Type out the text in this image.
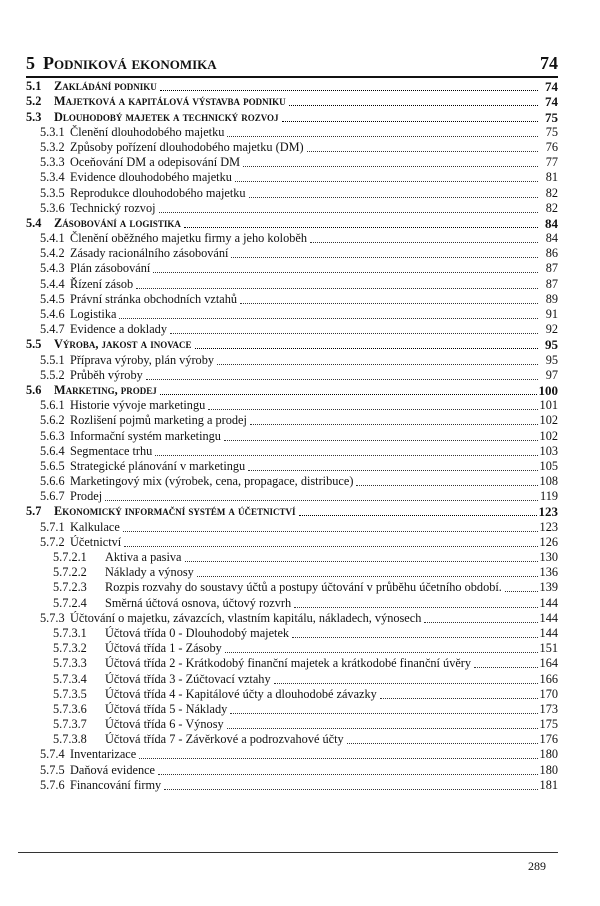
5 Podniková ekonomika	74
5.1	Zakládání podniku	74
5.2	Majetková a kapitálová výstavba podniku	74
5.3	Dlouhodobý majetek a technický rozvoj	75
5.3.1 Členění dlouhodobého majetku	75
5.3.2 Způsoby pořízení dlouhodobého majetku (DM)	76
5.3.3 Oceňování DM a odepisování DM	77
5.3.4 Evidence dlouhodobého majetku	81
5.3.5 Reprodukce dlouhodobého majetku	82
5.3.6 Technický rozvoj	82
5.4	Zásobování a logistika	84
5.4.1 Členění oběžného majetku firmy a jeho koloběh	84
5.4.2 Zásady racionálního zásobování	86
5.4.3 Plán zásobování	87
5.4.4 Řízení zásob	87
5.4.5 Právní stránka obchodních vztahů	89
5.4.6 Logistika	91
5.4.7 Evidence a doklady	92
5.5	Výroba, jakost a inovace	95
5.5.1 Příprava výroby, plán výroby	95
5.5.2 Průběh výroby	97
5.6	Marketing, prodej	100
5.6.1 Historie vývoje marketingu	101
5.6.2 Rozlišení pojmů marketing a prodej	102
5.6.3 Informační systém marketingu	102
5.6.4 Segmentace trhu	103
5.6.5 Strategické plánování v marketingu	105
5.6.6 Marketingový mix (výrobek, cena, propagace, distribuce)	108
5.6.7 Prodej	119
5.7	Ekonomický informační systém a účetnictví	123
5.7.1 Kalkulace	123
5.7.2 Účetnictví	126
5.7.2.1	Aktiva a pasiva	130
5.7.2.2	Náklady a výnosy	136
5.7.2.3	Rozpis rozvahy do soustavy účtů a postupy účtování v průběhu účetního období.	139
5.7.2.4	Směrná účtová osnova, účtový rozvrh	144
5.7.3 Účtování o majetku, závazcích, vlastním kapitálu, nákladech, výnosech	144
5.7.3.1	Účtová třída 0 - Dlouhodobý majetek	144
5.7.3.2	Účtová třída 1 - Zásoby	151
5.7.3.3	Účtová třída 2 - Krátkodobý finanční majetek a krátkodobé finanční úvěry	164
5.7.3.4	Účtová třída 3 - Zúčtovací vztahy	166
5.7.3.5	Účtová třída 4 - Kapitálové účty a dlouhodobé závazky	170
5.7.3.6	Účtová třída 5 - Náklady	173
5.7.3.7	Účtová třída 6 - Výnosy	175
5.7.3.8	Účtová třída 7 - Závěrkové a podrozvahové účty	176
5.7.4 Inventarizace	180
5.7.5 Daňová evidence	180
5.7.6 Financování firmy	181
289
